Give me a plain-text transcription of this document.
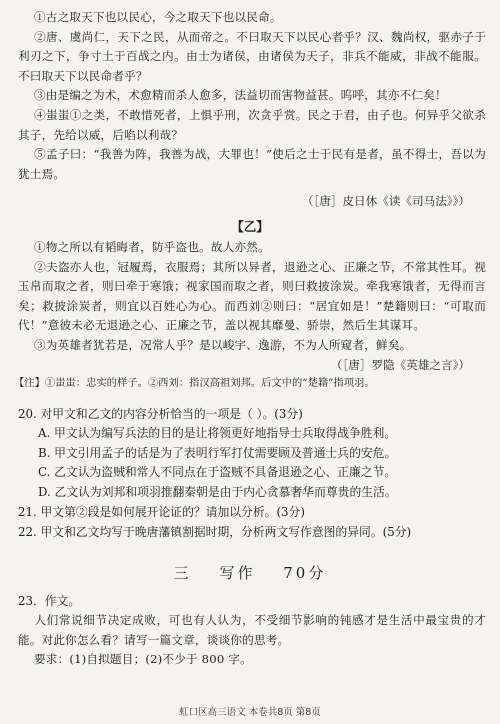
①古之取天下也以民心，今之取天下也以民命。

②唐、虞尚仁，天下之民，从而帝之。不曰取天下以民心者乎？汉、魏尚权，驱赤子于利刃之下，争寸土于百战之内。由士为诸侯，由诸侯为天子，非兵不能威，非战不能服。不曰取天下以民命者乎？

③由是编之为术，术愈精而杀人愈多，法益切而害物益甚。呜呼，其亦不仁矣！

④蚩蚩①之类，不敢惜死者，上惧乎刑，次贪乎赏。民之于君，由子也。何异乎父欲杀其子，先给以威，后啗以利哉？

⑤孟子曰：“我善为阵，我善为战，大罪也！”使后之士于民有是者，虽不得士，吾以为犹土焉。

（［唐］皮日休《读《司马法》》）
【乙】

①物之所以有韬晦者，防乎盗也。故人亦然。

②夫盗亦人也，冠履焉，衣服焉；其所以异者，退逊之心、正廉之节，不常其性耳。视玉帛而取之者，则曰牵于寒饿；视家国而取之者，则曰救披涂炭。牵我寒饿者，无得而言矣；救披涂炭者，则宜以百姓心为心。而西刘②则曰：“居宜如是！”楚籍则曰：“可取而代！”意彼未必无退逊之心、正廉之节，盖以视其靡曼、骄崇，然后生其谋耳。

③为英雄者犹若是，况常人乎？是以峻宇、逸游，不为人所窥者，鲜矣。

（［唐］罗隐《英雄之言》）
【注】①蚩蚩：忠实的样子。②西刘：指汉高祖刘邦。后文中的“楚籍”指项羽。
20. 对甲文和乙文的内容分析恰当的一项是（ ）。(3分)
A. 甲文认为编写兵法的目的是让将领更好地指导士兵取得战争胜利。
B. 甲文引用孟子的话是为了表明行军打仗需要顾及普通士兵的安危。
C. 乙文认为盗贼和常人不同点在于盗贼不具备退逊之心、正廉之节。
D. 乙文认为刘邦和项羽推翻秦朝是由于内心贪慕奢华而尊贵的生活。
21. 甲文第②段是如何展开论证的？请加以分析。(3分)
22. 甲文和乙文均写于晚唐藩镇割据时期，分析两文写作意图的异同。(5分)
三 写作 70分
23．作文。

人们常说细节决定成败，可也有人认为，不受细节影响的钝感才是生活中最宝贵的才能。对此你怎么看？请写一篇文章，谈谈你的思考。

要求：(1)自拟题目；(2)不少于 800 字。

虹口区高三语文 本卷共8页 第8页
